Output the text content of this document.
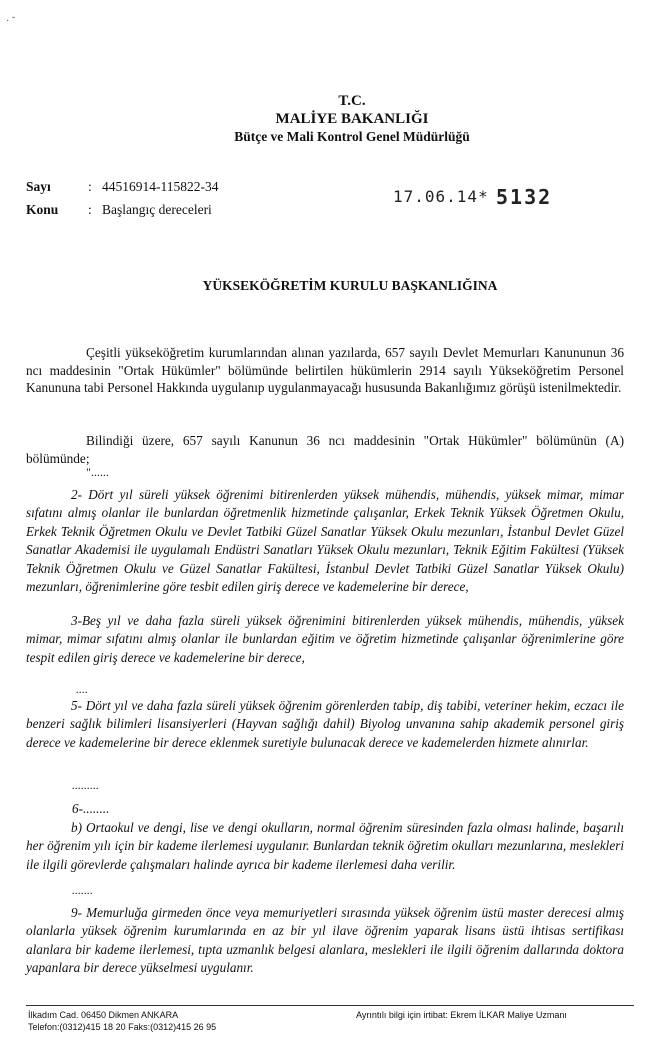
· ˘
T.C.
MALİYE BAKANLIĞI
Bütçe ve Mali Kontrol Genel Müdürlüğü
Sayı	: 44516914-115822-34
Konu : Başlangıç dereceleri
17.06.14* 5132
YÜKSEKÖĞRETİM KURULU BAŞKANLIĞINA
Çeşitli yükseköğretim kurumlarından alınan yazılarda, 657 sayılı Devlet Memurları Kanununun 36 ncı maddesinin "Ortak Hükümler" bölümünde belirtilen hükümlerin 2914 sayılı Yükseköğretim Personel Kanununa tabi Personel Hakkında uygulanıp uygulanmayacağı hususunda Bakanlığımız görüşü istenilmektedir.
Bilindiği üzere, 657 sayılı Kanunun 36 ncı maddesinin "Ortak Hükümler" bölümünün (A) bölümünde;
"......
2- Dört yıl süreli yüksek öğrenimi bitirenlerden yüksek mühendis, mühendis, yüksek mimar, mimar sıfatını almış olanlar ile bunlardan öğretmenlik hizmetinde çalışanlar, Erkek Teknik Yüksek Öğretmen Okulu, Erkek Teknik Öğretmen Okulu ve Devlet Tatbiki Güzel Sanatlar Yüksek Okulu mezunları, İstanbul Devlet Güzel Sanatlar Akademisi ile uygulamalı Endüstri Sanatları Yüksek Okulu mezunları, Teknik Eğitim Fakültesi (Yüksek Teknik Öğretmen Okulu ve Güzel Sanatlar Fakültesi, İstanbul Devlet Tatbiki Güzel Sanatlar Yüksek Okulu) mezunları, öğrenimlerine göre tesbit edilen giriş derece ve kademelerine bir derece,
3-Beş yıl ve daha fazla süreli yüksek öğrenimini bitirenlerden yüksek mühendis, mühendis, yüksek mimar, mimar sıfatını almış olanlar ile bunlardan eğitim ve öğretim hizmetinde çalışanlar öğrenimlerine göre tespit edilen giriş derece ve kademelerine bir derece,
....
5- Dört yıl ve daha fazla süreli yüksek öğrenim görenlerden tabip, diş tabibi, veteriner hekim, eczacı ile benzeri sağlık bilimleri lisansiyerleri (Hayvan sağlığı dahil) Biyolog unvanına sahip akademik personel giriş derece ve kademelerine bir derece eklenmek suretiyle bulunacak derece ve kademelerden hizmete alınırlar.
.........
6-........
b) Ortaokul ve dengi, lise ve dengi okulların, normal öğrenim süresinden fazla olması halinde, başarılı her öğrenim yılı için bir kademe ilerlemesi uygulanır. Bunlardan teknik öğretim okulları mezunlarına, meslekleri ile ilgili görevlerde çalışmaları halinde ayrıca bir kademe ilerlemesi daha verilir.
.......
9- Memurluğa girmeden önce veya memuriyetleri sırasında yüksek öğrenim üstü master derecesi almış olanlarla yüksek öğrenim kurumlarında en az bir yıl ilave öğrenim yaparak lisans üstü ihtisas sertifikası alanlara bir kademe ilerlemesi, tıpta uzmanlık belgesi alanlara, meslekleri ile ilgili öğrenim dallarında doktora yapanlara bir derece yükselmesi uygulanır.
İlkadım Cad. 06450 Dikmen ANKARA
Telefon:(0312)415 18 20 Faks:(0312)415 26 95
Ayrıntılı bilgi için irtibat: Ekrem İLKAR Maliye Uzmanı
